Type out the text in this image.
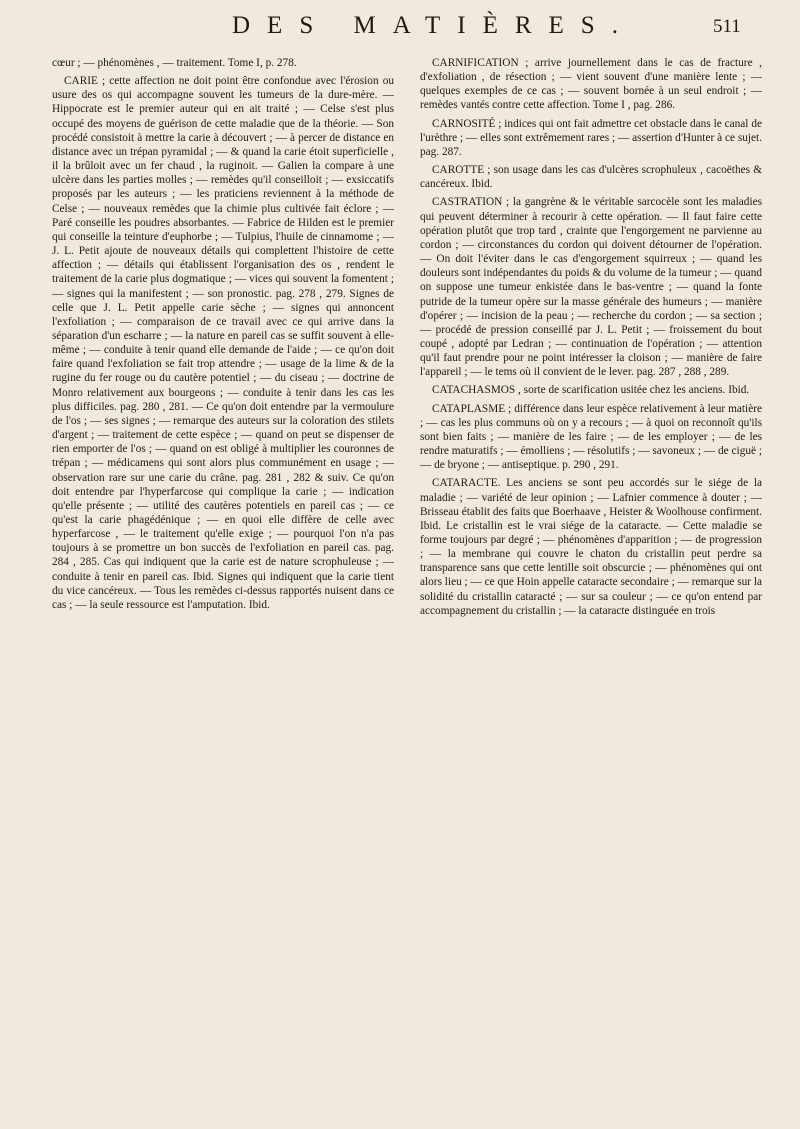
DES MATIÈRES.	511

cœur ; — phénomènes , — traitement. Tome I, p. 278.

CARIE ; cette affection ne doit point être confondue avec l'érosion ou usure des os qui accompagne souvent les tumeurs de la dure-mère. — Hippocrate est le premier auteur qui en ait traité ; — Celse s'est plus occupé des moyens de guérison de cette maladie que de la théorie. — Son procédé consistoit à mettre la carie à découvert ; — à percer de distance en distance avec un trépan pyramidal ; — & quand la carie étoit superficielle , il la brûloit avec un fer chaud , la ruginoit. — Galien la compare à une ulcère dans les parties molles ; — remèdes qu'il conseilloit ; — exsiccatifs proposés par les auteurs ; — les praticiens reviennent à la méthode de Celse ; — nouveaux remèdes que la chimie plus cultivée fait éclore ; — Paré conseille les poudres absorbantes. — Fabrice de Hilden est le premier qui conseille la teinture d'euphorbe ; — Tulpius, l'huile de cinnamome ; — J. L. Petit ajoute de nouveaux détails qui complettent l'histoire de cette affection ; — détails qui établissent l'organisation des os , rendent le traitement de la carie plus dogmatique ; — vices qui souvent la fomentent ; — signes qui la manifestent ; — son pronostic. pag. 278 , 279. Signes de celle que J. L. Petit appelle carie sèche ; — signes qui annoncent l'exfoliation ; — comparaison de ce travail avec ce qui arrive dans la séparation d'un escharre ; — la nature en pareil cas se suffit souvent à elle-même ; — conduite à tenir quand elle demande de l'aide ; — ce qu'on doit faire quand l'exfoliation se fait trop attendre ; — usage de la lime & de la rugine du fer rouge ou du cautère potentiel ; — du ciseau ; — doctrine de Monro relativement aux bourgeons ; — conduite à tenir dans les cas les plus difficiles. pag. 280 , 281. — Ce qu'on doit entendre par la vermoulure de l'os ; — ses signes ; — remarque des auteurs sur la coloration des stilets d'argent ; — traitement de cette espèce ; — quand on peut se dispenser de rien emporter de l'os ; — quand on est obligé à multiplier les couronnes de trépan ; — médicamens qui sont alors plus communément en usage ; — observation rare sur une carie du crâne. pag. 281 , 282 & suiv. Ce qu'on doit entendre par l'hyperfarcose qui complique la carie ; — indication qu'elle présente ; — utilité des cautères potentiels en pareil cas ; — ce qu'est la carie phagédénique ; — en quoi elle diffère de celle avec hyperfarcose , — le traitement qu'elle exige ; — pourquoi l'on n'a pas toujours à se promettre un bon succès de l'exfoliation en pareil cas. pag. 284 , 285. Cas qui indiquent que la carie est de nature scrophuleuse ; — conduite à tenir en pareil cas. Ibid. Signes qui indiquent que la carie tient du vice cancéreux. — Tous les remèdes ci-dessus rapportés nuisent dans ce cas ; — la seule ressource est l'amputation. Ibid.

CARNIFICATION ; arrive journellement dans le cas de fracture , d'exfoliation , de résection ; — vient souvent d'une manière lente ; — quelques exemples de ce cas ; — souvent bornée à un seul endroit ; — remèdes vantés contre cette affection. Tome I , pag. 286.

CARNOSITÉ ; indices qui ont fait admettre cet obstacle dans le canal de l'urèthre ; — elles sont extrêmement rares ; — assertion d'Hunter à ce sujet. pag. 287.

CAROTTE ; son usage dans les cas d'ulcères scrophuleux , cacoëthes & cancéreux. Ibid.

CASTRATION ; la gangrène & le véritable sarcocèle sont les maladies qui peuvent déterminer à recourir à cette opération. — Il faut faire cette opération plutôt que trop tard , crainte que l'engorgement ne parvienne au cordon ; — circonstances du cordon qui doivent détourner de l'opération. — On doit l'éviter dans le cas d'engorgement squirreux ; — quand les douleurs sont indépendantes du poids & du volume de la tumeur ; — quand on suppose une tumeur enkistée dans le bas-ventre ; — quand la fonte putride de la tumeur opère sur la masse générale des humeurs ; — manière d'opérer ; — incision de la peau ; — recherche du cordon ; — sa section ; — procédé de pression conseillé par J. L. Petit ; — froissement du bout coupé , adopté par Ledran ; — continuation de l'opération ; — attention qu'il faut prendre pour ne point intéresser la cloison ; — manière de faire l'appareil ; — le tems où il convient de le lever. pag. 287 , 288 , 289.

CATACHASMOS , sorte de scarification usitée chez les anciens. Ibid.

CATAPLASME ; différence dans leur espèce relativement à leur matière ; — cas les plus communs où on y a recours ; — à quoi on reconnoît qu'ils sont bien faits ; — manière de les faire ; — de les employer ; — de les rendre maturatifs ; — émolliens ; — résolutifs ; — savoneux ; — de ciguë ; — de bryone ; — antiseptique. p. 290 , 291.

CATARACTE. Les anciens se sont peu accordés sur le siége de la maladie ; — variété de leur opinion ; — Lafnier commence à douter ; — Brisseau établit des faits que Boerhaave , Heister & Woolhouse confirment. Ibid. Le cristallin est le vrai siége de la cataracte. — Cette maladie se forme toujours par degré ; — phénomènes d'apparition ; — de progression ; — la membrane qui couvre le chaton du cristallin peut perdre sa transparence sans que cette lentille soit obscurcie ; — phénomènes qui ont alors lieu ; — ce que Hoin appelle cataracte secondaire ; — remarque sur la solidité du cristallin cataracté ; — sur sa couleur ; — ce qu'on entend par accompagnement du cristallin ; — la cataracte distinguée en trois
